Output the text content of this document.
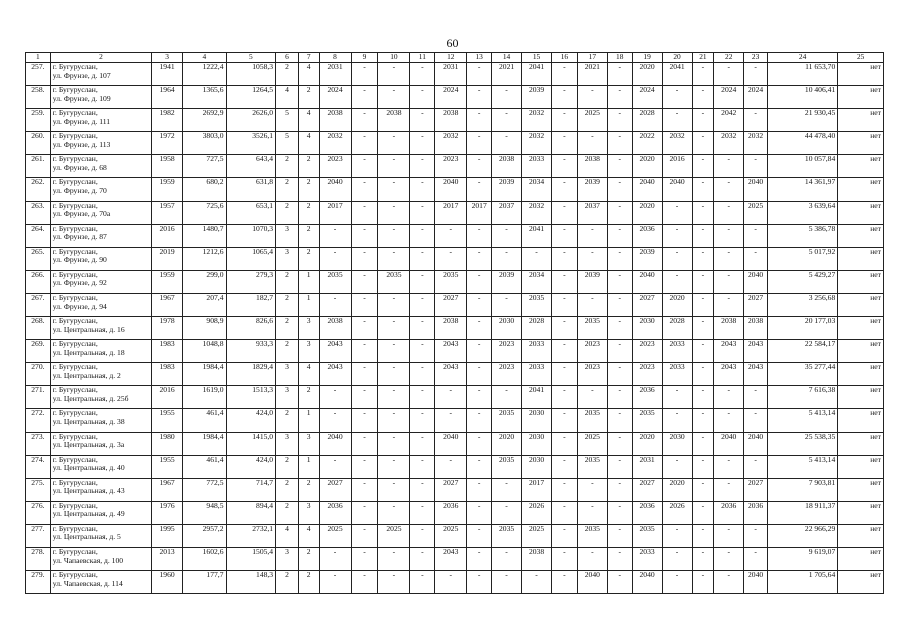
60
1	2	3	4	5	6	7	8	9	10	11	12	13	14	15	16	17	18	19	20	21	22	23	24	25
257.	г. Бугуруслан,
ул. Фрунзе, д. 107	1941	1222,4	1058,3	2	4	2031	-	-	-	2031	-	2021	2041	-	2021	-	2020	2041	-	-	-	11 653,70	нет
258.	г. Бугуруслан,
ул. Фрунзе, д. 109	1964	1365,6	1264,5	4	2	2024	-	-	-	2024	-	-	2039	-	-	-	2024	-	-	2024	2024	10 406,41	нет
259.	г. Бугуруслан,
ул. Фрунзе, д. 111	1982	2692,9	2626,0	5	4	2038	-	2038	-	2038	-	-	2032	-	2025	-	2028	-	-	2042	-	21 930,45	нет
260.	г. Бугуруслан,
ул. Фрунзе, д. 113	1972	3803,0	3526,1	5	4	2032	-	-	-	2032	-	-	2032	-	-	-	2022	2032	-	2032	2032	44 478,40	нет
261.	г. Бугуруслан,
ул. Фрунзе, д. 68	1958	727,5	643,4	2	2	2023	-	-	-	2023	-	2038	2033	-	2038	-	2020	2016	-	-	-	10 057,84	нет
262.	г. Бугуруслан,
ул. Фрунзе, д. 70	1959	680,2	631,8	2	2	2040	-	-	-	2040	-	2039	2034	-	2039	-	2040	2040	-	-	2040	14 361,97	нет
263.	г. Бугуруслан,
ул. Фрунзе, д. 70а	1957	725,6	653,1	2	2	2017	-	-	-	2017	2017	2037	2032	-	2037	-	2020	-	-	-	2025	3 639,64	нет
264.	г. Бугуруслан,
ул. Фрунзе, д. 87	2016	1480,7	1070,3	3	2	-	-	-	-	-	-	-	2041	-	-	-	2036	-	-	-	-	5 386,78	нет
265.	г. Бугуруслан,
ул. Фрунзе, д. 90	2019	1212,6	1065,4	3	2	-	-	-	-	-	-	-	-	-	-	-	2039	-	-	-	-	5 017,92	нет
266.	г. Бугуруслан,
ул. Фрунзе, д. 92	1959	299,0	279,3	2	1	2035	-	2035	-	2035	-	2039	2034	-	2039	-	2040	-	-	-	2040	5 429,27	нет
267.	г. Бугуруслан,
ул. Фрунзе, д. 94	1967	207,4	182,7	2	1	-	-	-	-	2027	-	-	2035	-	-	-	2027	2020	-	-	2027	3 256,68	нет
268.	г. Бугуруслан,
ул. Центральная, д. 16	1978	908,9	826,6	2	3	2038	-	-	-	2038	-	2030	2028	-	2035	-	2030	2028	-	2038	2038	20 177,03	нет
269.	г. Бугуруслан,
ул. Центральная, д. 18	1983	1048,8	933,3	2	3	2043	-	-	-	2043	-	2023	2033	-	2023	-	2023	2033	-	2043	2043	22 584,17	нет
270.	г. Бугуруслан,
ул. Центральная, д. 2	1983	1984,4	1829,4	3	4	2043	-	-	-	2043	-	2023	2033	-	2023	-	2023	2033	-	2043	2043	35 277,44	нет
271.	г. Бугуруслан,
ул. Центральная, д. 25б	2016	1619,0	1513,3	3	2	-	-	-	-	-	-	-	2041	-	-	-	2036	-	-	-	-	7 616,38	нет
272.	г. Бугуруслан,
ул. Центральная, д. 38	1955	461,4	424,0	2	1	-	-	-	-	-	-	2035	2030	-	2035	-	2035	-	-	-	-	5 413,14	нет
273.	г. Бугуруслан,
ул. Центральная, д. 3а	1980	1984,4	1415,0	3	3	2040	-	-	-	2040	-	2020	2030	-	2025	-	2020	2030	-	2040	2040	25 538,35	нет
274.	г. Бугуруслан,
ул. Центральная, д. 40	1955	461,4	424,0	2	1	-	-	-	-	-	-	2035	2030	-	2035	-	2031	-	-	-	-	5 413,14	нет
275.	г. Бугуруслан,
ул. Центральная, д. 43	1967	772,5	714,7	2	2	2027	-	-	-	2027	-	-	2017	-	-	-	2027	2020	-	-	2027	7 903,81	нет
276.	г. Бугуруслан,
ул. Центральная, д. 49	1976	948,5	894,4	2	3	2036	-	-	-	2036	-	-	2026	-	-	-	2036	2026	-	2036	2036	18 911,37	нет
277.	г. Бугуруслан,
ул. Центральная, д. 5	1995	2957,2	2732,1	4	4	2025	-	2025	-	2025	-	2035	2025	-	2035	-	2035	-	-	-	-	22 966,29	нет
278.	г. Бугуруслан,
ул. Чапаевская, д. 100	2013	1602,6	1505,4	3	2	-	-	-	-	2043	-	-	2038	-	-	-	2033	-	-	-	-	9 619,07	нет
279.	г. Бугуруслан,
ул. Чапаевская, д. 114	1960	177,7	148,3	2	2	-	-	-	-	-	-	-	-	-	2040	-	2040	-	-	-	2040	1 705,64	нет
